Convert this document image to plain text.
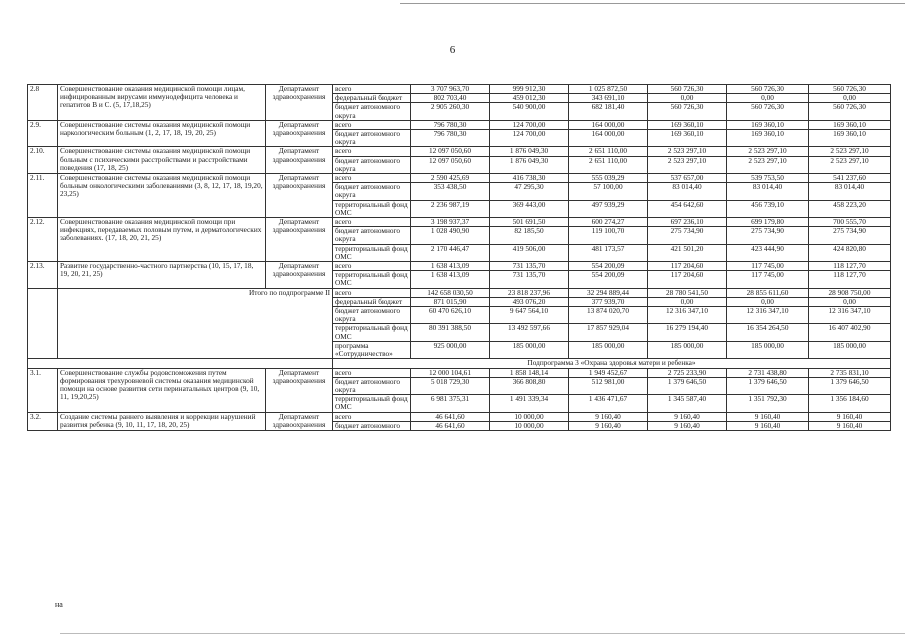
6
2.8	Совершенствование оказания медицинской помощи лицам, инфицированным вирусами иммунодефицита человека и гепатитов В и С. (5, 17,18,25)	Департамент здравоохранения	всего	3 707 963,70	999 912,30	1 025 872,50	560 726,30	560 726,30	560 726,30
			федеральный бюджет	802 703,40	459 012,30	343 691,10	0,00	0,00	0,00
			бюджет автономного округа	2 905 260,30	540 900,00	682 181,40	560 726,30	560 726,30	560 726,30
2.9.	Совершенствование системы оказания медицинской помощи наркологическим больным (1, 2, 17, 18, 19, 20, 25)	Департамент здравоохранения	всего	796 780,30	124 700,00	164 000,00	169 360,10	169 360,10	169 360,10
			бюджет автономного округа	796 780,30	124 700,00	164 000,00	169 360,10	169 360,10	169 360,10
2.10.	Совершенствование системы оказания медицинской помощи больным с психическими расстройствами и расстройствами поведения (17, 18, 25)	Департамент здравоохранения	всего	12 097 050,60	1 876 049,30	2 651 110,00	2 523 297,10	2 523 297,10	2 523 297,10
			бюджет автономного округа	12 097 050,60	1 876 049,30	2 651 110,00	2 523 297,10	2 523 297,10	2 523 297,10
2.11.	Совершенствование системы оказания медицинской помощи больным онкологическими заболеваниями (3, 8, 12, 17, 18, 19,20, 23,25)	Департамент здравоохранения	всего	2 590 425,69	416 738,30	555 039,29	537 657,00	539 753,50	541 237,60
			бюджет автономного округа	353 438,50	47 295,30	57 100,00	83 014,40	83 014,40	83 014,40
			территориальный фонд ОМС	2 236 987,19	369 443,00	497 939,29	454 642,60	456 739,10	458 223,20
2.12.	Совершенствование оказания медицинской помощи при инфекциях, передаваемых половым путем, и дерматологических заболеваниях. (17, 18, 20, 21, 25)	Департамент здравоохранения	всего	3 198 937,37	501 691,50	600 274,27	697 236,10	699 179,80	700 555,70
			бюджет автономного округа	1 028 490,90	82 185,50	119 100,70	275 734,90	275 734,90	275 734,90
			территориальный фонд ОМС	2 170 446,47	419 506,00	481 173,57	421 501,20	423 444,90	424 820,80
2.13.	Развитие государственно-частного партнерства (10, 15, 17, 18, 19, 20, 21, 25)	Департамент здравоохранения	всего	1 638 413,09	731 135,70	554 200,09	117 204,60	117 745,00	118 127,70
			территориальный фонд ОМС	1 638 413,09	731 135,70	554 200,09	117 204,60	117 745,00	118 127,70
	Итого по подпрограмме II		всего	142 658 030,50	23 818 237,96	32 294 889,44	28 780 541,50	28 855 611,60	28 908 750,00
			федеральный бюджет	871 015,90	493 076,20	377 939,70	0,00	0,00	0,00
			бюджет автономного округа	60 470 626,10	9 647 564,10	13 874 020,70	12 316 347,10	12 316 347,10	12 316 347,10
			территориальный фонд ОМС	80 391 388,50	13 492 597,66	17 857 929,04	16 279 194,40	16 354 264,50	16 407 402,90
			программа «Сотрудничество»	925 000,00	185 000,00	185 000,00	185 000,00	185 000,00	185 000,00
			Подпрограмма 3 «Охрана здоровья матери и ребенка»						
3.1.	Совершенствование службы родовспоможения путем формирования трехуровневой системы оказания медицинской помощи на основе развития сети перинатальных центров (9, 10, 11, 19,20,25)	Департамент здравоохранения	всего	12 000 104,61	1 858 148,14	1 949 452,67	2 725 233,90	2 731 438,80	2 735 831,10
			бюджет автономного округа	5 018 729,30	366 808,80	512 981,00	1 379 646,50	1 379 646,50	1 379 646,50
			территориальный фонд ОМС	6 981 375,31	1 491 339,34	1 436 471,67	1 345 587,40	1 351 792,30	1 356 184,60
3.2.	Создание системы раннего выявления и коррекции нарушений развития ребенка (9, 10, 11, 17, 18, 20, 25)	Департамент здравоохранения	всего	46 641,60	10 000,00	9 160,40	9 160,40	9 160,40	9 160,40
			бюджет автономного	46 641,60	10 000,00	9 160,40	9 160,40	9 160,40	9 160,40
на
